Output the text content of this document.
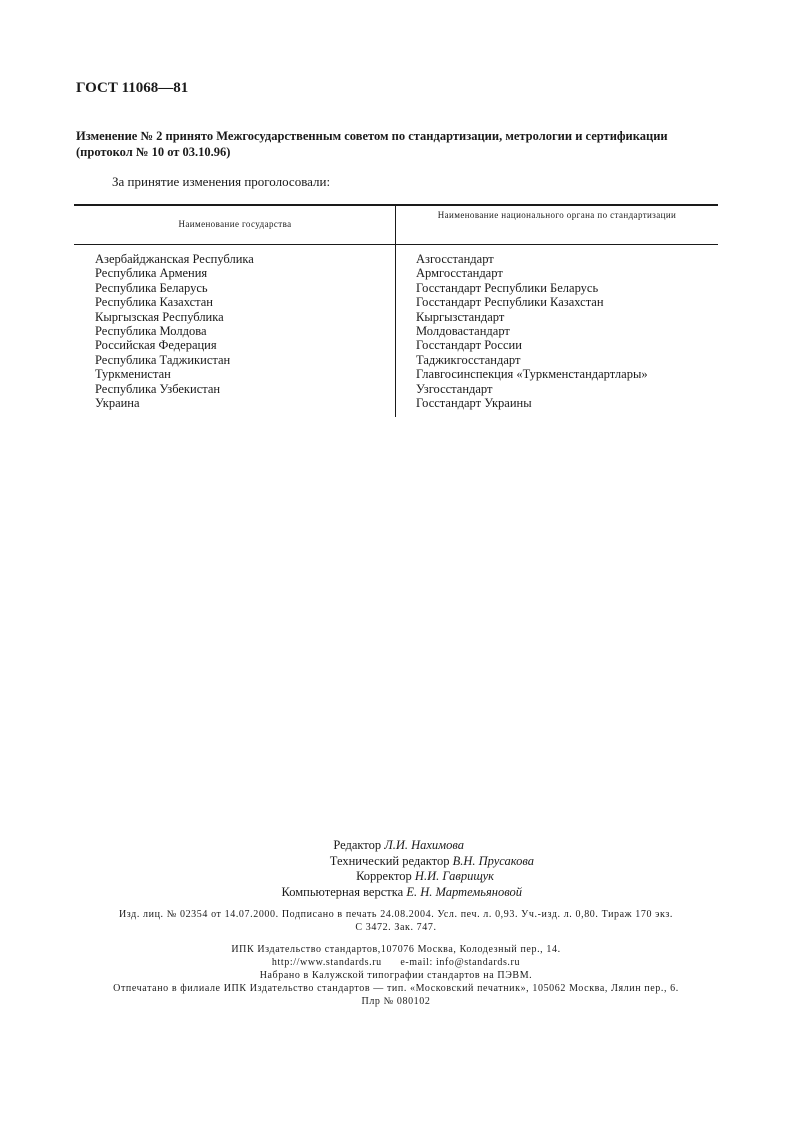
ГОСТ 11068—81
Изменение № 2 принято Межгосударственным советом по стандартизации, метрологии и сертификации (протокол № 10 от 03.10.96)
За принятие изменения проголосовали:
Наименование государства
Наименование национального органа по стандартизации
Азербайджанская Республика
Республика Армения
Республика Беларусь
Республика Казахстан
Кыргызская Республика
Республика Молдова
Российская Федерация
Республика Таджикистан
Туркменистан
Республика Узбекистан
Украина
Азгосстандарт
Армгосстандарт
Госстандарт Республики Беларусь
Госстандарт Республики Казахстан
Кыргызстандарт
Молдовастандарт
Госстандарт России
Таджикгосстандарт
Главгосинспекция «Туркменстандартлары»
Узгосстандарт
Госстандарт Украины
Редактор Л.И. Нахимова
Технический редактор В.Н. Прусакова
Корректор Н.И. Гаврищук
Компьютерная верстка Е. Н. Мартемьяновой
Изд. лиц. № 02354 от 14.07.2000. Подписано в печать 24.08.2004. Усл. печ. л. 0,93. Уч.-изд. л. 0,80. Тираж 170 экз.
С 3472. Зак. 747.
ИПК Издательство стандартов,107076 Москва, Колодезный пер., 14.
http://www.standards.ru      e-mail: info@standards.ru
Набрано в Калужской типографии стандартов на ПЭВМ.
Отпечатано в филиале ИПК Издательство стандартов — тип. «Московский печатник», 105062 Москва, Лялин пер., 6.
Плр № 080102
